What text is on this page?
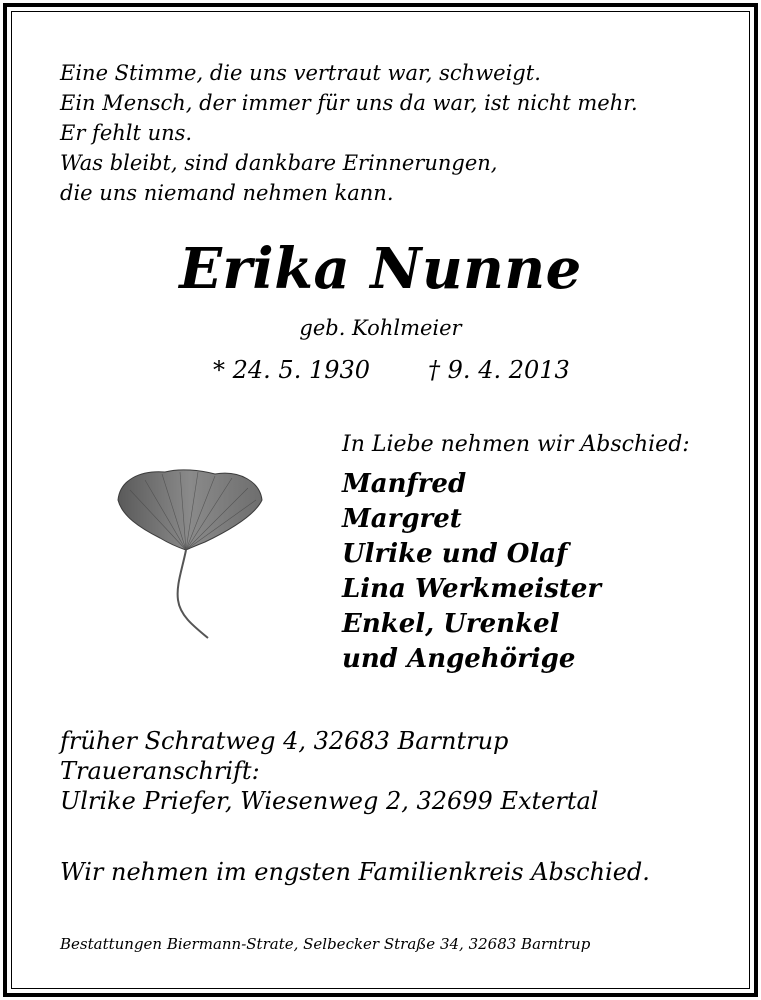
Eine Stimme, die uns vertraut war, schweigt.
Ein Mensch, der immer für uns da war, ist nicht mehr.
Er fehlt uns.
Was bleibt, sind dankbare Erinnerungen,
die uns niemand nehmen kann.
Erika Nunne
geb. Kohlmeier
* 24. 5. 1930 † 9. 4. 2013
In Liebe nehmen wir Abschied:
Manfred
Margret
Ulrike und Olaf
Lina Werkmeister
Enkel, Urenkel
und Angehörige
früher Schratweg 4, 32683 Barntrup
Traueranschrift:
Ulrike Priefer, Wiesenweg 2, 32699 Extertal
Wir nehmen im engsten Familienkreis Abschied.
Bestattungen Biermann-Strate, Selbecker Straße 34, 32683 Barntrup
